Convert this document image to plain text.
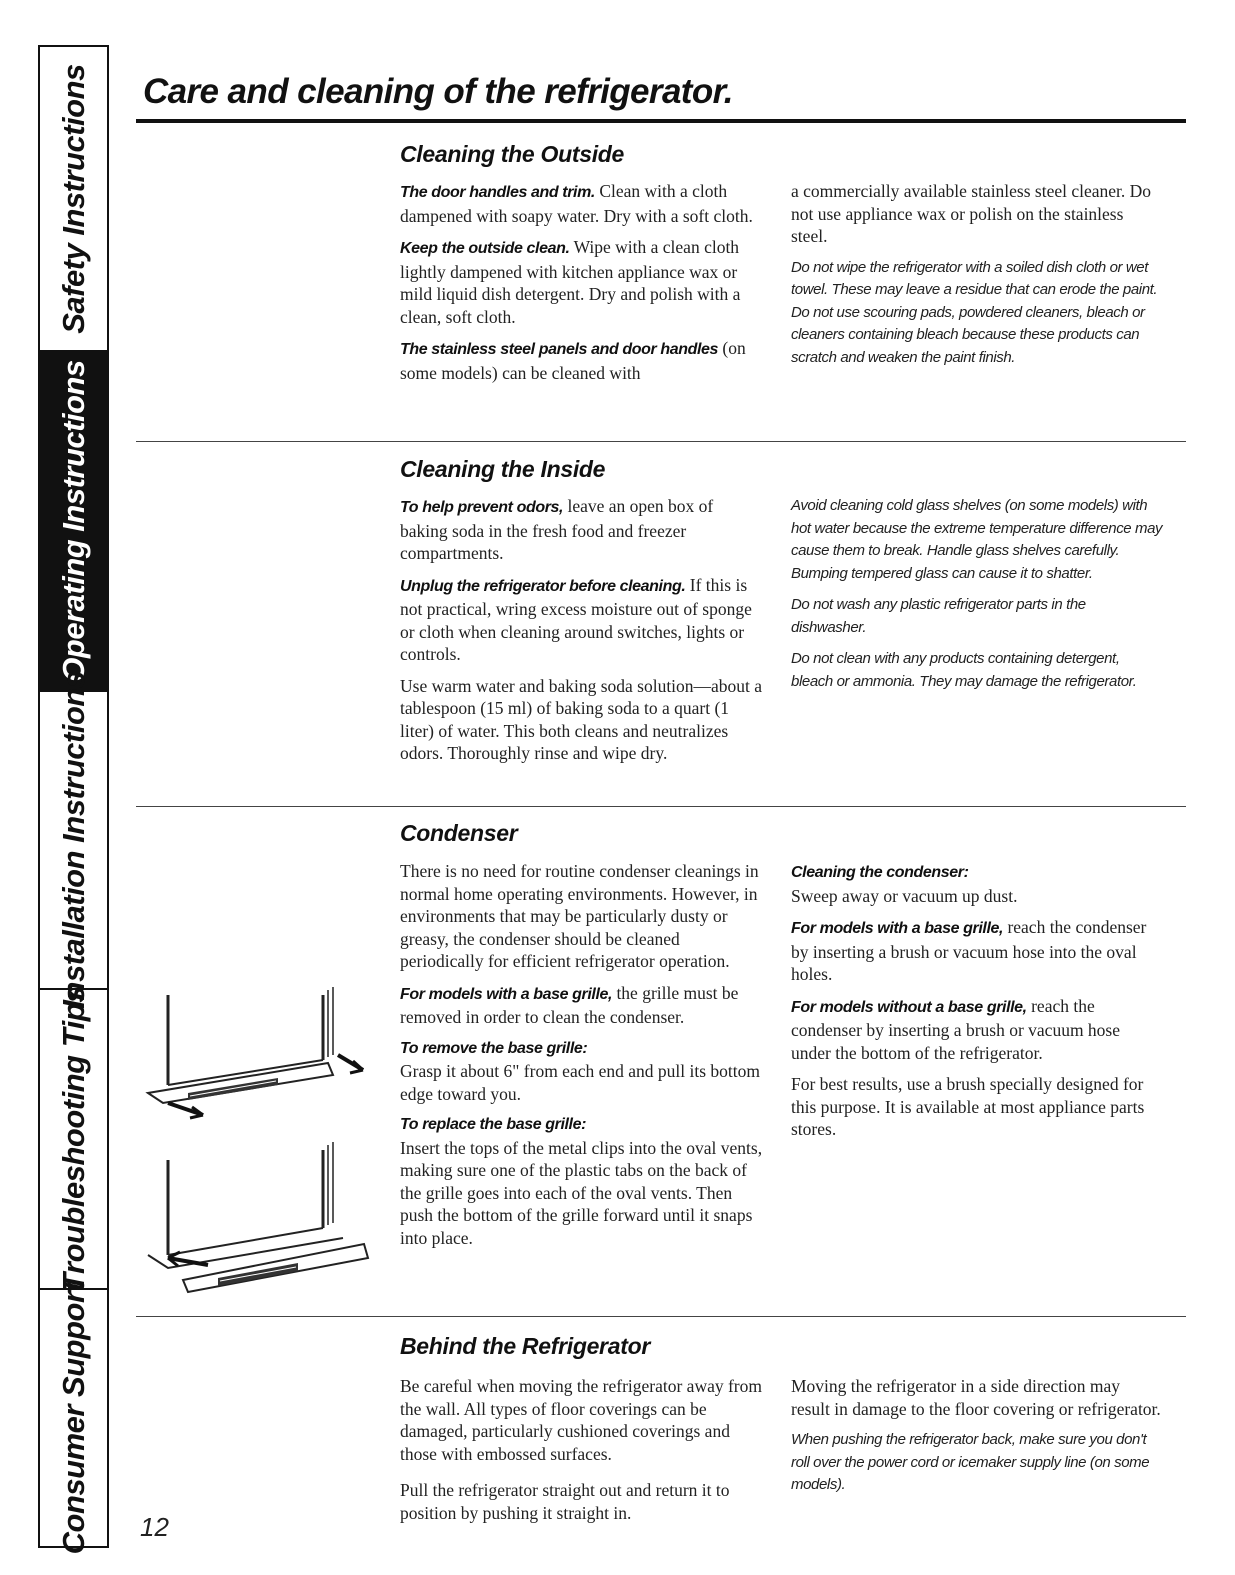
Safety Instructions
Operating Instructions
Installation Instructions
Troubleshooting Tips
Consumer Support
Care and cleaning of the refrigerator.
Cleaning the Outside

The door handles and trim. Clean with a cloth dampened with soapy water. Dry with a soft cloth.

Keep the outside clean. Wipe with a clean cloth lightly dampened with kitchen appliance wax or mild liquid dish detergent. Dry and polish with a clean, soft cloth.

The stainless steel panels and door handles (on some models) can be cleaned with

a commercially available stainless steel cleaner. Do not use appliance wax or polish on the stainless steel.

Do not wipe the refrigerator with a soiled dish cloth or wet towel. These may leave a residue that can erode the paint. Do not use scouring pads, powdered cleaners, bleach or cleaners containing bleach because these products can scratch and weaken the paint finish.

Cleaning the Inside

To help prevent odors, leave an open box of baking soda in the fresh food and freezer compartments.

Unplug the refrigerator before cleaning. If this is not practical, wring excess moisture out of sponge or cloth when cleaning around switches, lights or controls.

Use warm water and baking soda solution—about a tablespoon (15 ml) of baking soda to a quart (1 liter) of water. This both cleans and neutralizes odors. Thoroughly rinse and wipe dry.

Avoid cleaning cold glass shelves (on some models) with hot water because the extreme temperature difference may cause them to break. Handle glass shelves carefully. Bumping tempered glass can cause it to shatter.

Do not wash any plastic refrigerator parts in the dishwasher.

Do not clean with any products containing detergent, bleach or ammonia. They may damage the refrigerator.

Condenser

There is no need for routine condenser cleanings in normal home operating environments. However, in environments that may be particularly dusty or greasy, the condenser should be cleaned periodically for efficient refrigerator operation.

For models with a base grille, the grille must be removed in order to clean the condenser.

To remove the base grille:
Grasp it about 6" from each end and pull its bottom edge toward you.

To replace the base grille:
Insert the tops of the metal clips into the oval vents, making sure one of the plastic tabs on the back of the grille goes into each of the oval vents. Then push the bottom of the grille forward until it snaps into place.

Cleaning the condenser:
Sweep away or vacuum up dust.

For models with a base grille, reach the condenser by inserting a brush or vacuum hose into the oval holes.

For models without a base grille, reach the condenser by inserting a brush or vacuum hose under the bottom of the refrigerator.

For best results, use a brush specially designed for this purpose. It is available at most appliance parts stores.

Behind the Refrigerator

Be careful when moving the refrigerator away from the wall. All types of floor coverings can be damaged, particularly cushioned coverings and those with embossed surfaces.

Pull the refrigerator straight out and return it to position by pushing it straight in.

Moving the refrigerator in a side direction may result in damage to the floor covering or refrigerator.

When pushing the refrigerator back, make sure you don't roll over the power cord or icemaker supply line (on some models).

12
